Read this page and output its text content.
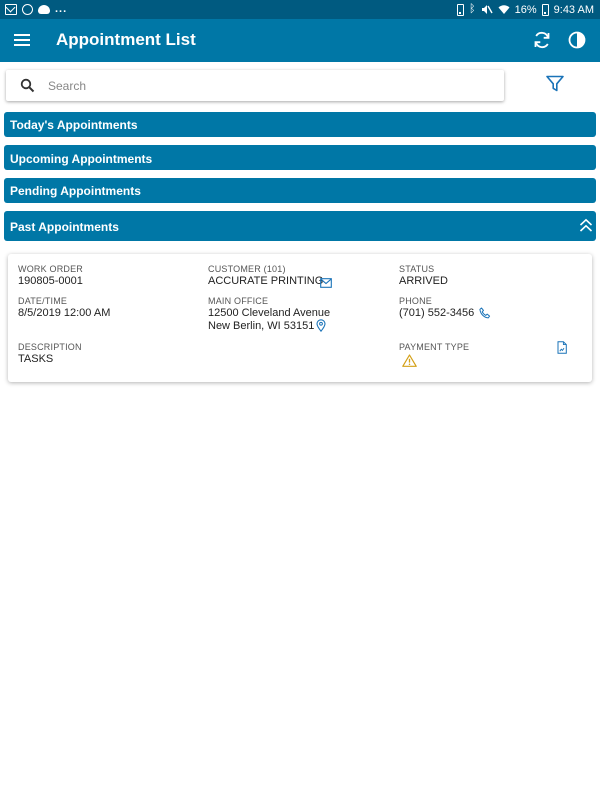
...	ᛒ	16% 9:43 AM
Appointment List
Search
Today's Appointments
Upcoming Appointments
Pending Appointments
Past Appointments
WORK ORDER
190805-0001
CUSTOMER (101)
ACCURATE PRINTING
STATUS
ARRIVED
DATE/TIME
8/5/2019 12:00 AM
MAIN OFFICE
12500 Cleveland Avenue
New Berlin, WI 53151
PHONE
(701) 552-3456
DESCRIPTION
TASKS
PAYMENT TYPE
